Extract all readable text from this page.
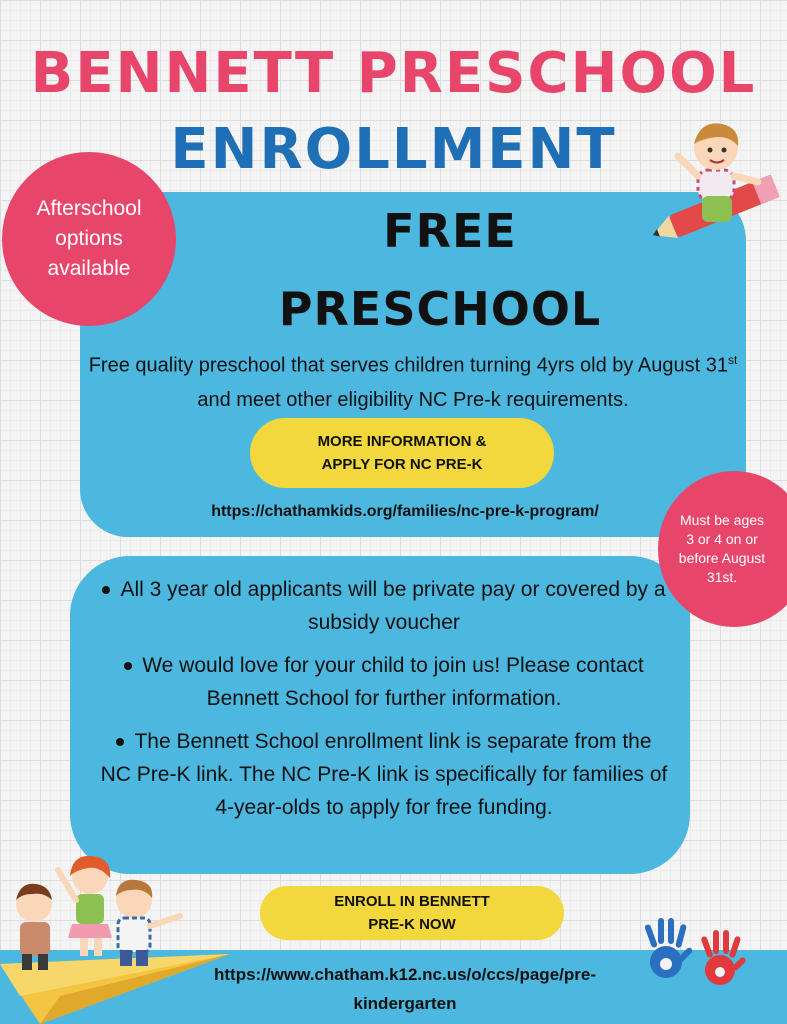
BENNETT PRESCHOOL
ENROLLMENT
FREE
PRESCHOOL
Free quality preschool that serves children turning 4yrs old by August 31st and meet other eligibility NC Pre-k requirements.
MORE INFORMATION &
APPLY FOR NC PRE-K
https://chathamkids.org/families/nc-pre-k-program/
Afterschool
options
available
Must be ages
3 or 4 on or
before August
31st.
All 3 year old applicants will be private pay or covered by a subsidy voucher
We would love for your child to join us! Please contact Bennett School for further information.
The Bennett School enrollment link is separate from the NC Pre-K link. The NC Pre-K link is specifically for families of 4-year-olds to apply for free funding.
ENROLL IN BENNETT
PRE-K NOW
https://www.chatham.k12.nc.us/o/ccs/page/pre-
kindergarten
